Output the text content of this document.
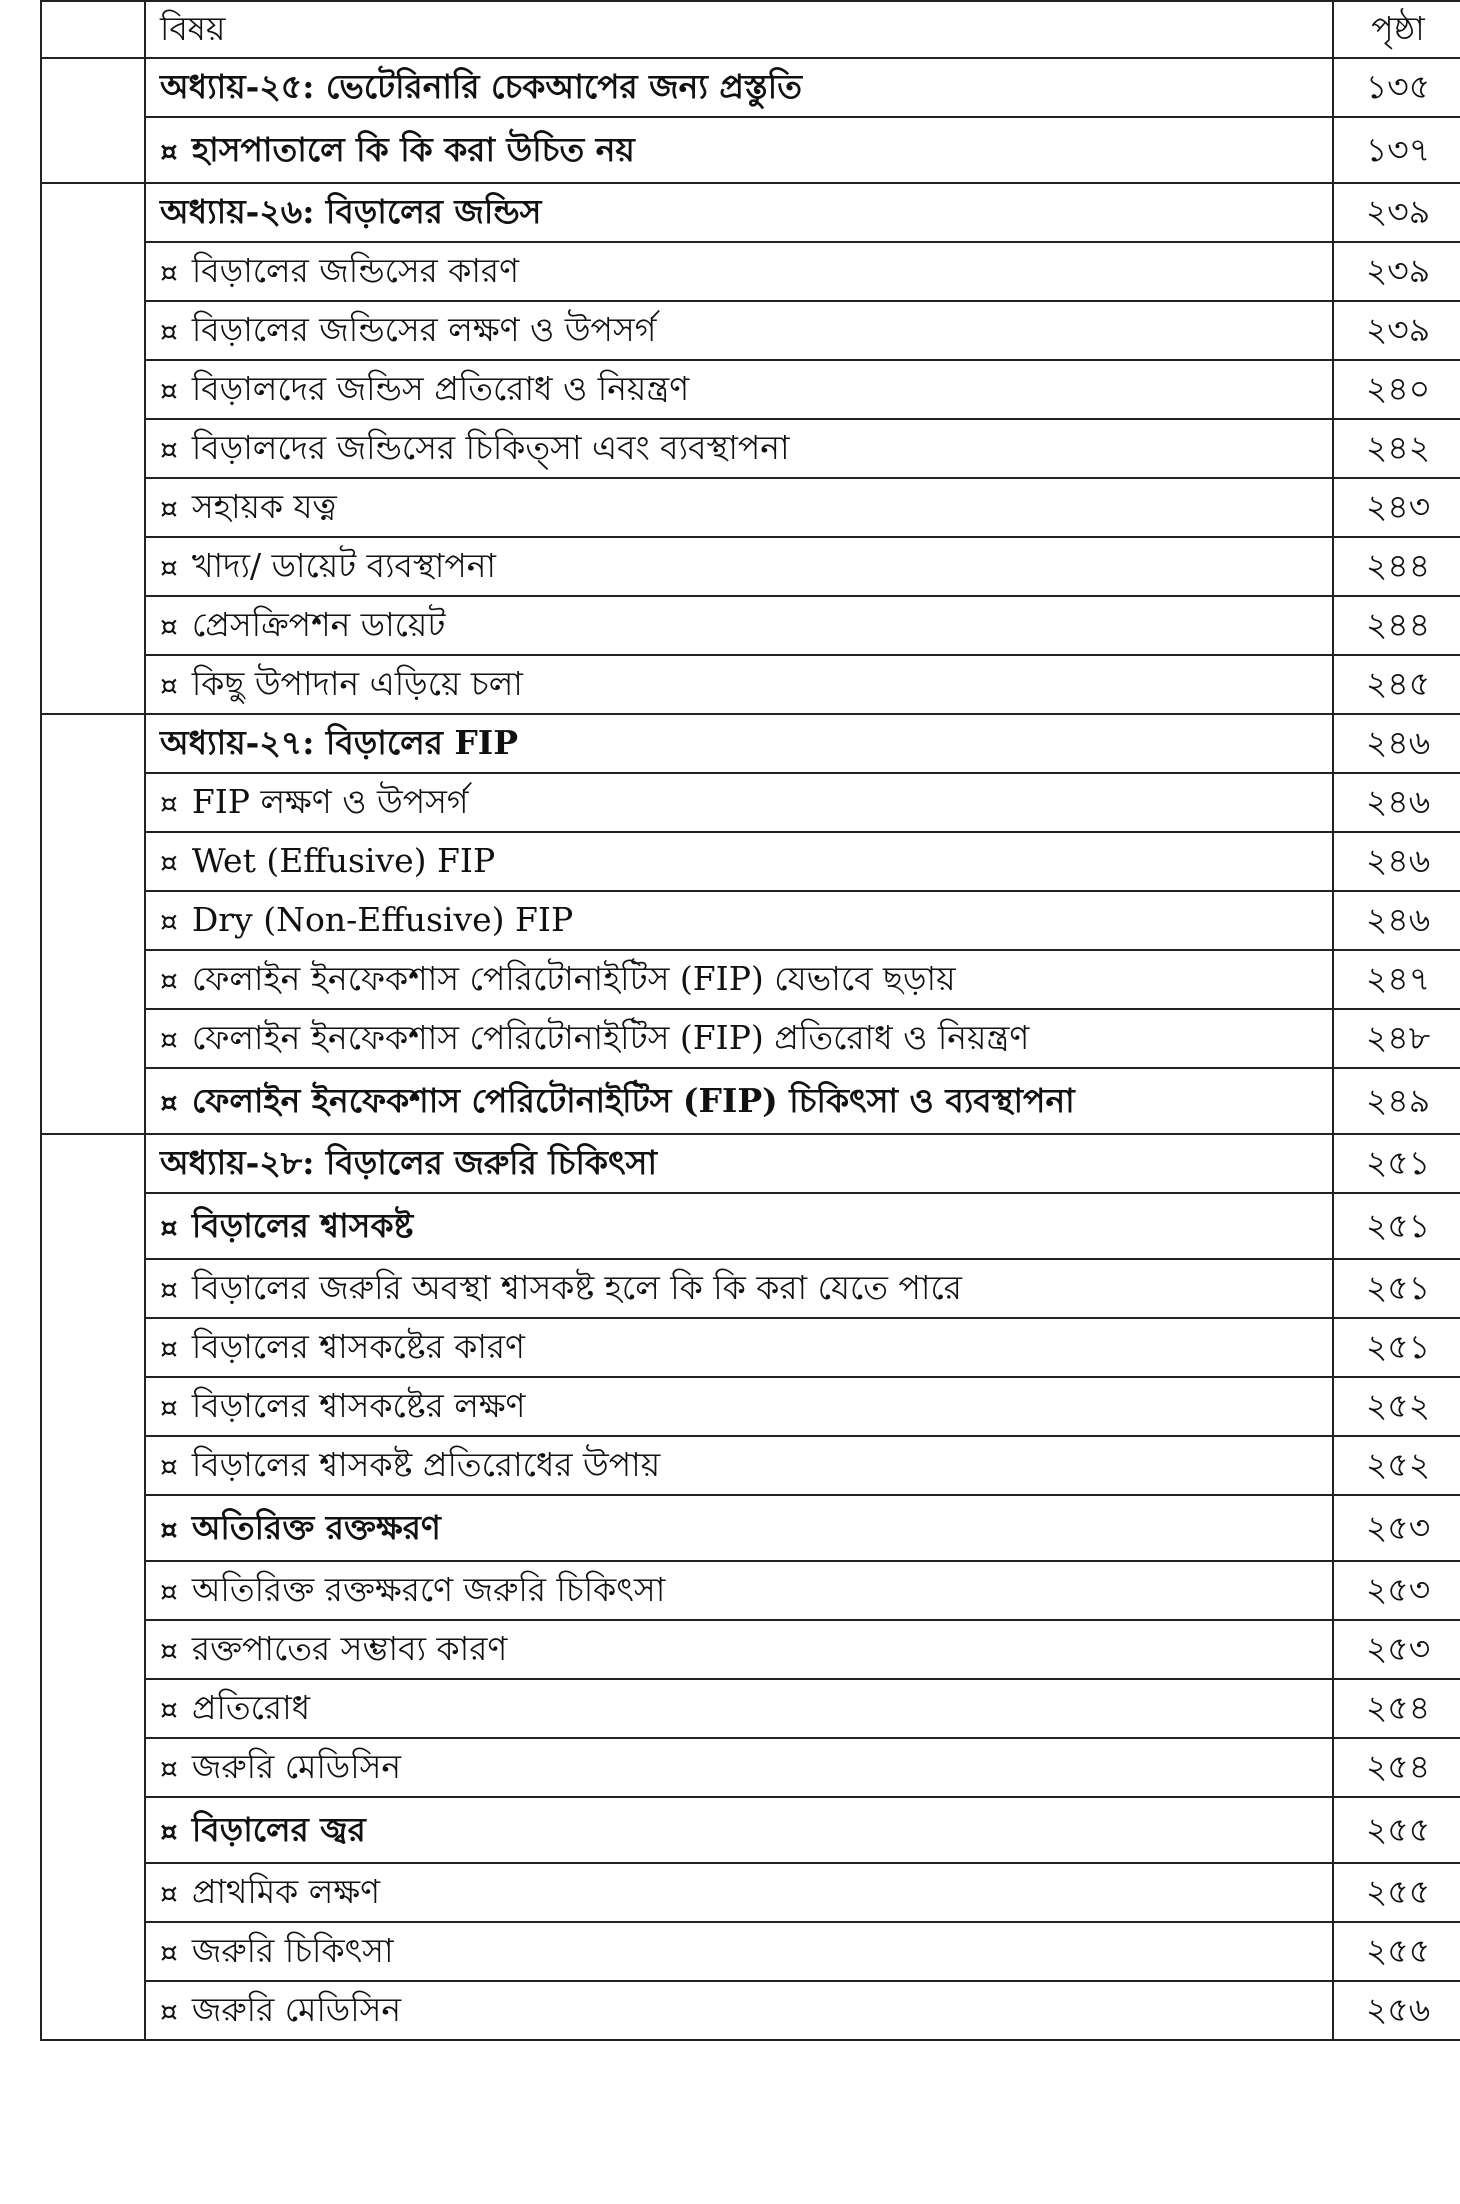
	বিষয়	পৃষ্ঠা
	অধ্যায়-২৫: ভেটেরিনারি চেকআপের জন্য প্রস্তুতি	১৩৫
	¤ হাসপাতালে কি কি করা উচিত নয়	১৩৭
	অধ্যায়-২৬: বিড়ালের জন্ডিস	২৩৯
	¤ বিড়ালের জন্ডিসের কারণ	২৩৯
	¤ বিড়ালের জন্ডিসের লক্ষণ ও উপসর্গ	২৩৯
	¤ বিড়ালদের জন্ডিস প্রতিরোধ ও নিয়ন্ত্রণ	২৪০
	¤ বিড়ালদের জন্ডিসের চিকিত্সা এবং ব্যবস্থাপনা	২৪২
	¤ সহায়ক যত্ন	২৪৩
	¤ খাদ্য/ ডায়েট ব্যবস্থাপনা	২৪৪
	¤ প্রেসক্রিপশন ডায়েট	২৪৪
	¤ কিছু উপাদান এড়িয়ে চলা	২৪৫
	অধ্যায়-২৭: বিড়ালের FIP	২৪৬
	¤ FIP লক্ষণ ও উপসর্গ	২৪৬
	¤ Wet (Effusive) FIP	২৪৬
	¤ Dry (Non-Effusive) FIP	২৪৬
	¤ ফেলাইন ইনফেকশাস পেরিটোনাইটিস (FIP) যেভাবে ছড়ায়	২৪৭
	¤ ফেলাইন ইনফেকশাস পেরিটোনাইটিস (FIP) প্রতিরোধ ও নিয়ন্ত্রণ	২৪৮
	¤ ফেলাইন ইনফেকশাস পেরিটোনাইটিস (FIP) চিকিৎসা ও ব্যবস্থাপনা	২৪৯
	অধ্যায়-২৮: বিড়ালের জরুরি চিকিৎসা	২৫১
	¤ বিড়ালের শ্বাসকষ্ট	২৫১
	¤ বিড়ালের জরুরি অবস্থা শ্বাসকষ্ট হলে কি কি করা যেতে পারে	২৫১
	¤ বিড়ালের শ্বাসকষ্টের কারণ	২৫১
	¤ বিড়ালের শ্বাসকষ্টের লক্ষণ	২৫২
	¤ বিড়ালের শ্বাসকষ্ট প্রতিরোধের উপায়	২৫২
	¤ অতিরিক্ত রক্তক্ষরণ	২৫৩
	¤ অতিরিক্ত রক্তক্ষরণে জরুরি চিকিৎসা	২৫৩
	¤ রক্তপাতের সম্ভাব্য কারণ	২৫৩
	¤ প্রতিরোধ	২৫৪
	¤ জরুরি মেডিসিন	২৫৪
	¤ বিড়ালের জ্বর	২৫৫
	¤ প্রাথমিক লক্ষণ	২৫৫
	¤ জরুরি চিকিৎসা	২৫৫
	¤ জরুরি মেডিসিন	২৫৬
